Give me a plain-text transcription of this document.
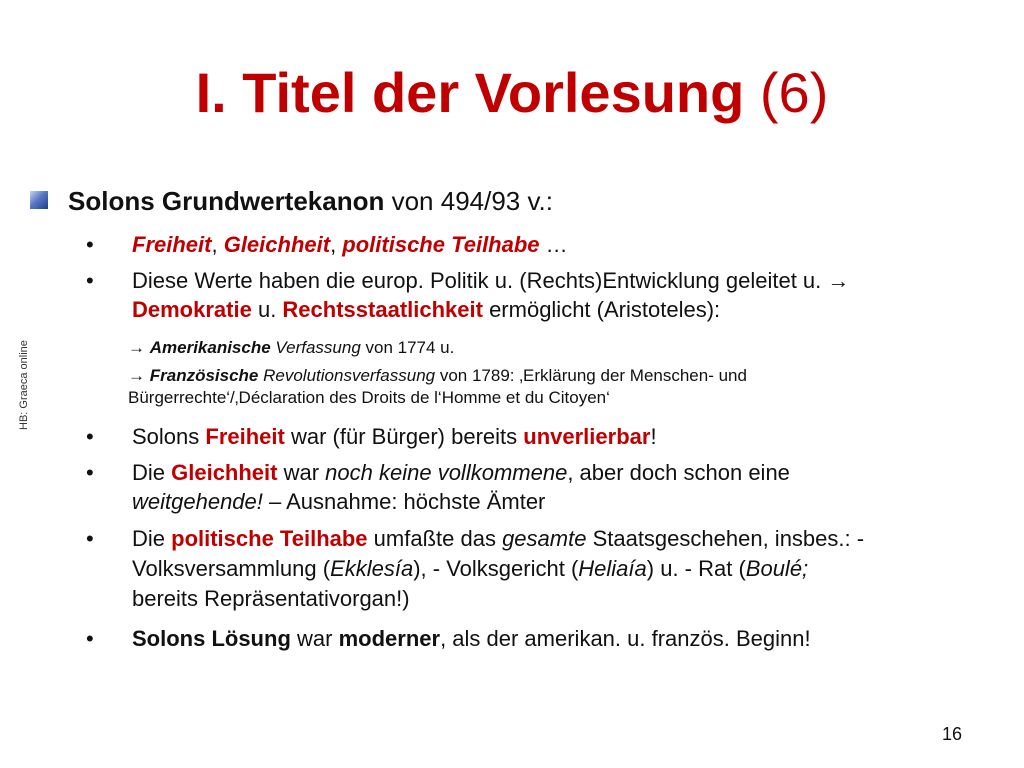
I. Titel der Vorlesung (6)
HB: Graeca online
Solons Grundwertekanon von 494/93 v.:
• Freiheit, Gleichheit, politische Teilhabe …
• Diese Werte haben die europ. Politik u. (Rechts)Entwicklung geleitet u. →
Demokratie u. Rechtsstaatlichkeit ermöglicht (Aristoteles):
→ Amerikanische Verfassung von 1774 u.
→ Französische Revolutionsverfassung von 1789: ‚Erklärung der Menschen- und
Bürgerrechte‘/‚Déclaration des Droits de l‘Homme et du Citoyen‘
• Solons Freiheit war (für Bürger) bereits unverlierbar!
• Die Gleichheit war noch keine vollkommene, aber doch schon eine
weitgehende! – Ausnahme: höchste Ämter
• Die politische Teilhabe umfaßte das gesamte Staatsgeschehen, insbes.: -
Volksversammlung (Ekklesía), - Volksgericht (Heliaía) u. - Rat (Boulé;
bereits Repräsentativorgan!)
• Solons Lösung war moderner, als der amerikan. u. französ. Beginn!
16
